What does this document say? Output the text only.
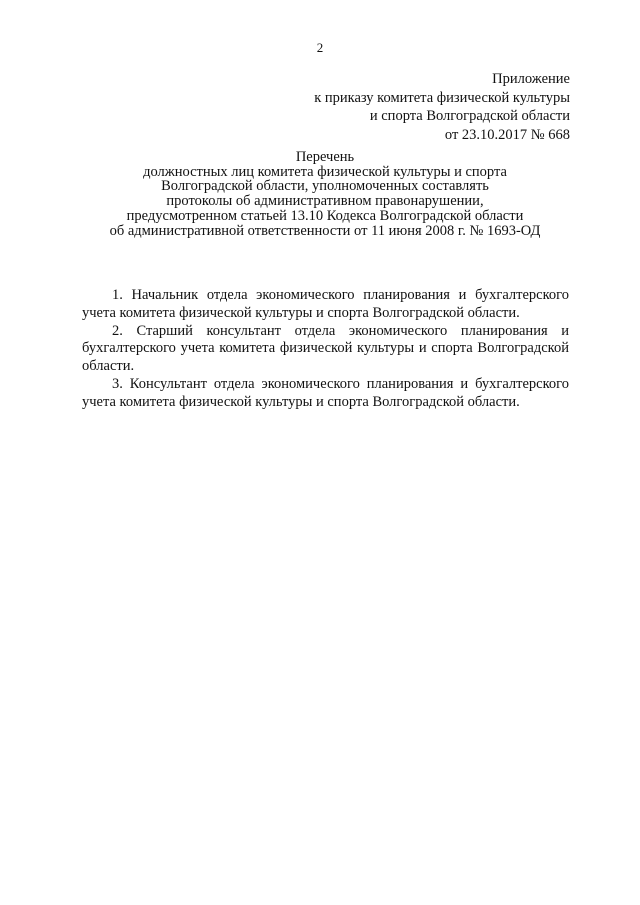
2
Приложение
к приказу комитета физической культуры
и спорта Волгоградской области
от 23.10.2017 № 668
Перечень
должностных лиц комитета физической культуры и спорта
Волгоградской области, уполномоченных составлять
протоколы об административном правонарушении,
предусмотренном статьей 13.10 Кодекса Волгоградской области
об административной ответственности от 11 июня 2008 г. № 1693-ОД

1. Начальник отдела экономического планирования и бухгалтерского учета комитета физической культуры и спорта Волгоградской области.

2. Старший консультант отдела экономического планирования и бухгалтерского учета комитета физической культуры и спорта Волгоградской области.

3. Консультант отдела экономического планирования и бухгалтерского учета комитета физической культуры и спорта Волгоградской области.
